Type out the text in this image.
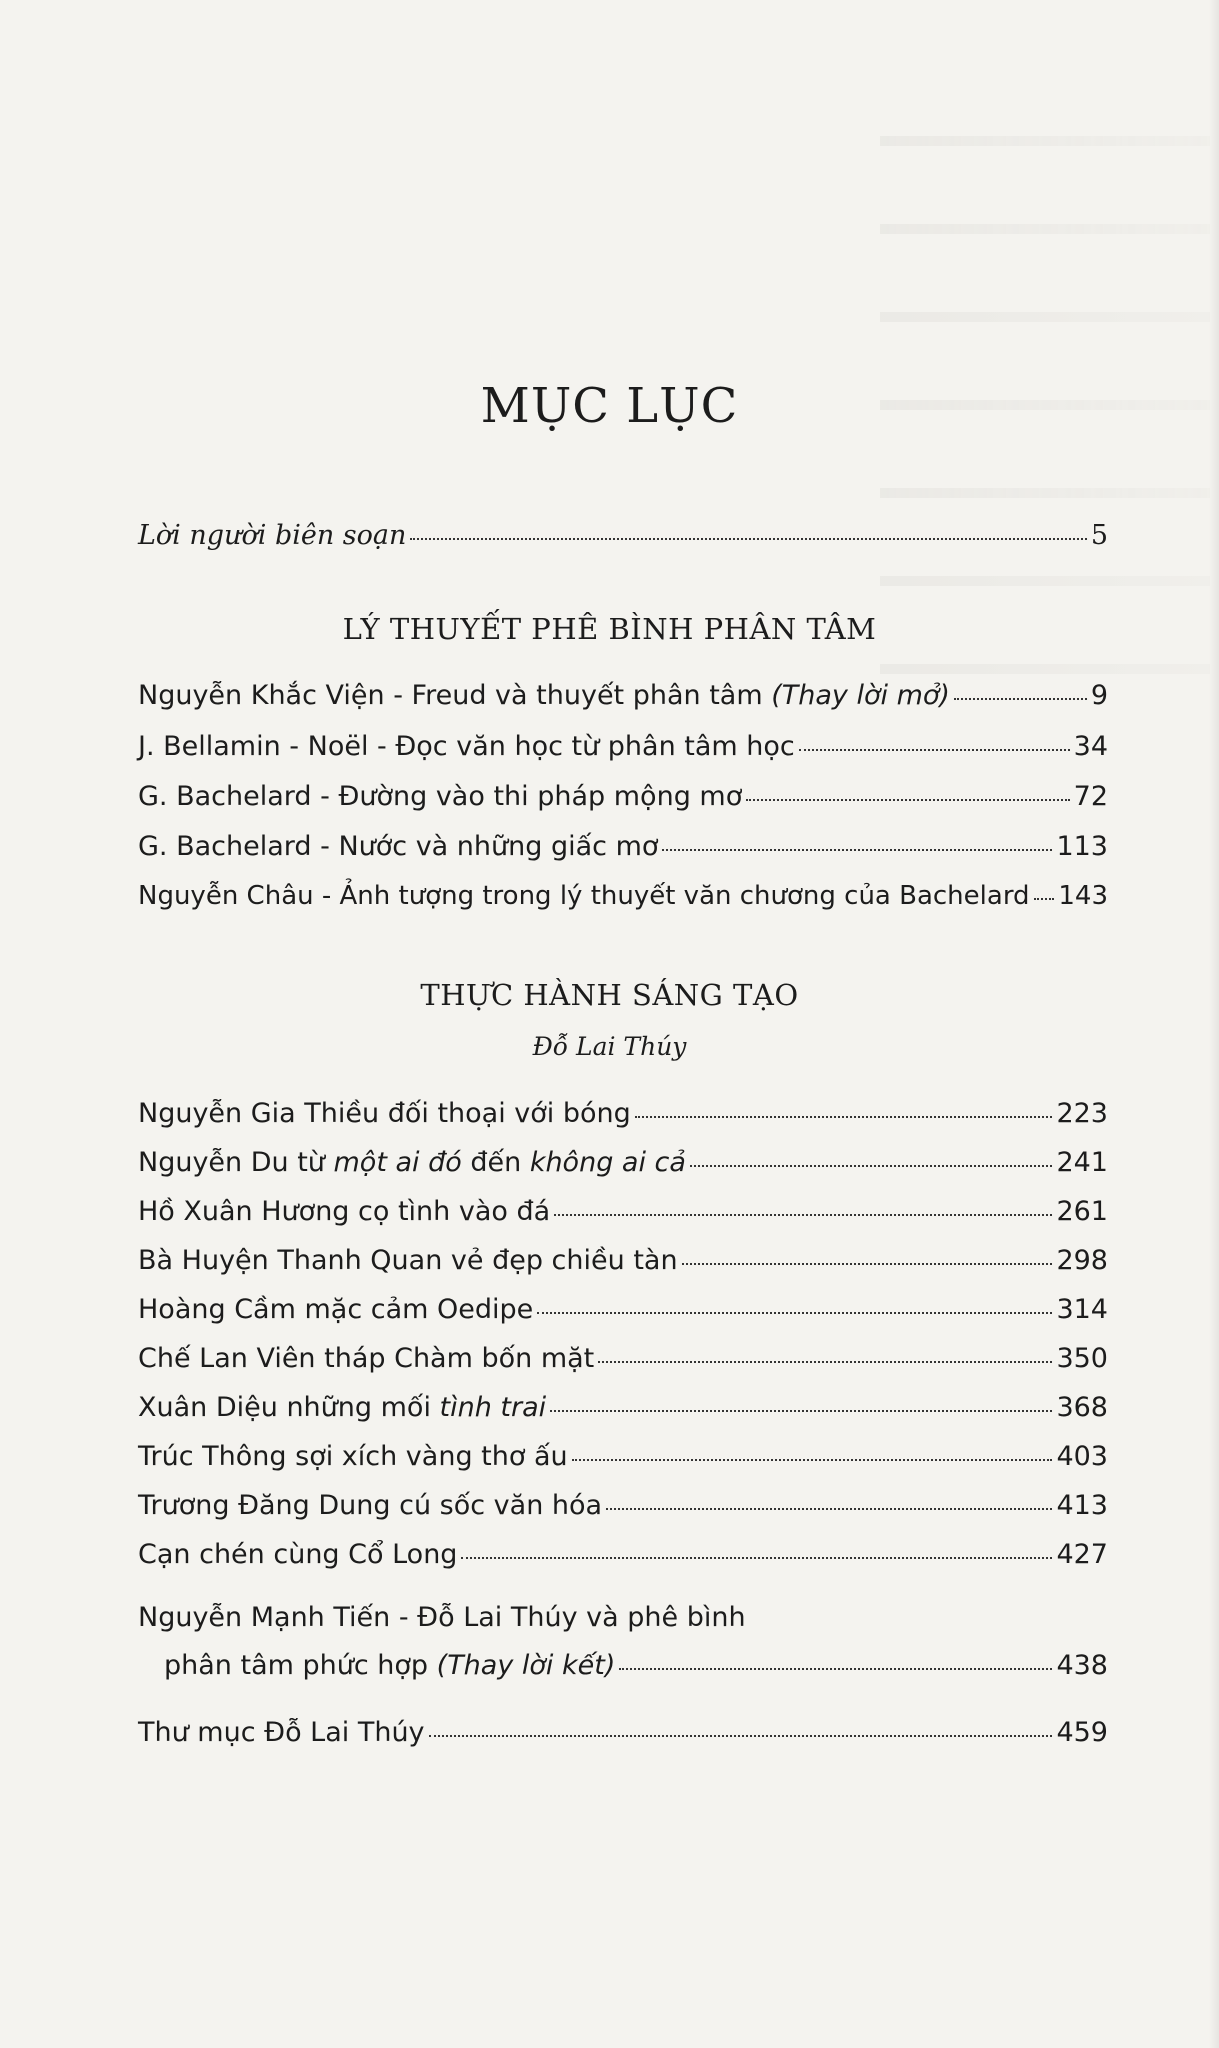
MỤC LỤC
Lời người biên soạn	5
LÝ THUYẾT PHÊ BÌNH PHÂN TÂM
Nguyễn Khắc Viện - Freud và thuyết phân tâm (Thay lời mở)	9
J. Bellamin - Noël - Đọc văn học từ phân tâm học	34
G. Bachelard - Đường vào thi pháp mộng mơ	72
G. Bachelard - Nước và những giấc mơ	113
Nguyễn Châu - Ảnh tượng trong lý thuyết văn chương của Bachelard 143
THỰC HÀNH SÁNG TẠO
Đỗ Lai Thúy
Nguyễn Gia Thiều đối thoại với bóng	223
Nguyễn Du từ một ai đó đến không ai cả	241
Hồ Xuân Hương cọ tình vào đá	261
Bà Huyện Thanh Quan vẻ đẹp chiều tàn	298
Hoàng Cầm mặc cảm Oedipe	314
Chế Lan Viên tháp Chàm bốn mặt	350
Xuân Diệu những mối tình trai	368
Trúc Thông sợi xích vàng thơ ấu	403
Trương Đăng Dung cú sốc văn hóa	413
Cạn chén cùng Cổ Long	427
Nguyễn Mạnh Tiến - Đỗ Lai Thúy và phê bình
phân tâm phức hợp (Thay lời kết)	438
Thư mục Đỗ Lai Thúy	459
